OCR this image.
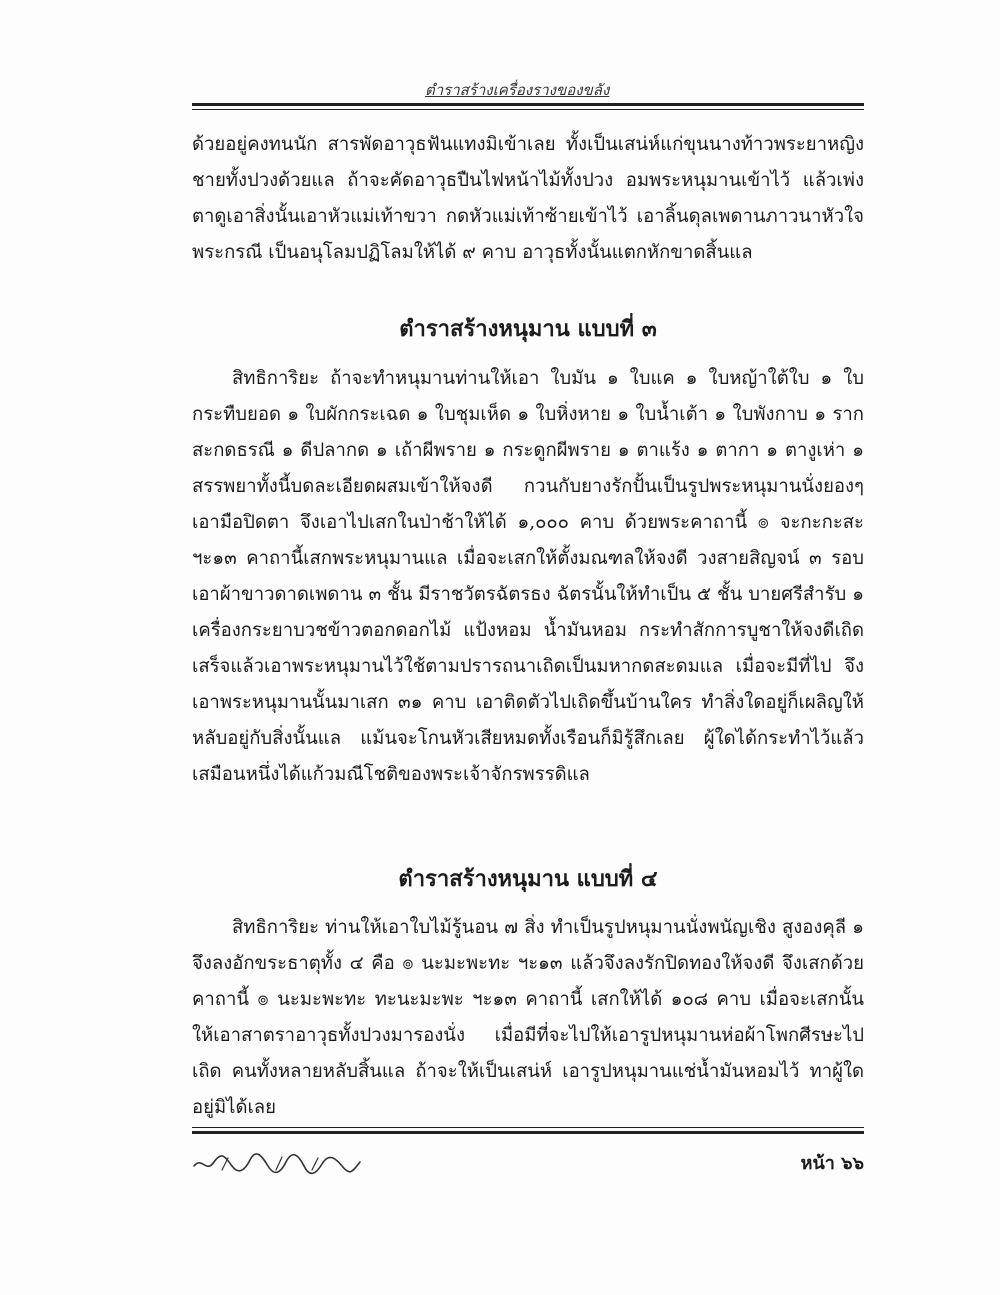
ตำราสร้างเครื่องรางของขลัง
ด้วยอยู่คงทนนัก สารพัดอาวุธฟันแทงมิเข้าเลย ทั้งเป็นเสน่ห์แก่ขุนนางท้าวพระยาหญิงชายทั้งปวงด้วยแล ถ้าจะคัดอาวุธปืนไฟหน้าไม้ทั้งปวง อมพระหนุมานเข้าไว้ แล้วเพ่งตาดูเอาสิ่งนั้นเอาหัวแม่เท้าขวา กดหัวแม่เท้าซ้ายเข้าไว้ เอาลิ้นดุลเพดานภาวนาหัวใจพระกรณี เป็นอนุโลมปฏิโลมให้ได้ ๙ คาบ อาวุธทั้งนั้นแตกหักขาดสิ้นแล
ตำราสร้างหนุมาน แบบที่ ๓
สิทธิการิยะ ถ้าจะทำหนุมานท่านให้เอา ใบมัน ๑ ใบแค ๑ ใบหญ้าใต้ใบ ๑ ใบกระทืบยอด ๑ ใบผักกระเฉด ๑ ใบชุมเห็ด ๑ ใบหิ่งหาย ๑ ใบน้ำเต้า ๑ ใบพังกาบ ๑ รากสะกดธรณี ๑ ดีปลากด ๑ เถ้าผีพราย ๑ กระดูกผีพราย ๑ ตาแร้ง ๑ ตากา ๑ ตางูเห่า ๑ สรรพยาทั้งนี้บดละเอียดผสมเข้าให้จงดี กวนกับยางรักปั้นเป็นรูปพระหนุมานนั่งยองๆ เอามือปิดตา จึงเอาไปเสกในป่าช้าให้ได้ ๑,๐๐๐ คาบ ด้วยพระคาถานี้ ๏ จะกะกะสะ ฯะ๑๓ คาถานี้เสกพระหนุมานแล เมื่อจะเสกให้ตั้งมณฑลให้จงดี วงสายสิญจน์ ๓ รอบ เอาผ้าขาวดาดเพดาน ๓ ชั้น มีราชวัตรฉัตรธง ฉัตรนั้นให้ทำเป็น ๕ ชั้น บายศรีสำรับ ๑ เครื่องกระยาบวชข้าวตอกดอกไม้ แป้งหอม น้ำมันหอม กระทำสักการบูชาให้จงดีเถิด เสร็จแล้วเอาพระหนุมานไว้ใช้ตามปรารถนาเถิดเป็นมหากดสะดมแล เมื่อจะมีที่ไป จึงเอาพระหนุมานนั้นมาเสก ๓๑ คาบ เอาติดตัวไปเถิดขึ้นบ้านใคร ทำสิ่งใดอยู่ก็เผลิญให้หลับอยู่กับสิ่งนั้นแล แม้นจะโกนหัวเสียหมดทั้งเรือนก็มิรู้สึกเลย ผู้ใดได้กระทำไว้แล้ว เสมือนหนึ่งได้แก้วมณีโชติของพระเจ้าจักรพรรดิแล
ตำราสร้างหนุมาน แบบที่ ๔
สิทธิการิยะ ท่านให้เอาใบไม้รู้นอน ๗ สิ่ง ทำเป็นรูปหนุมานนั่งพนัญเชิง สูงองคุลี ๑ จึงลงอักขระธาตุทั้ง ๔ คือ ๏ นะมะพะทะ ฯะ๑๓ แล้วจึงลงรักปิดทองให้จงดี จึงเสกด้วยคาถานี้ ๏ นะมะพะทะ ทะนะมะพะ ฯะ๑๓ คาถานี้ เสกให้ได้ ๑๐๘ คาบ เมื่อจะเสกนั้น ให้เอาสาตราอาวุธทั้งปวงมารองนั่ง เมื่อมีที่จะไปให้เอารูปหนุมานห่อผ้าโพกศีรษะไปเถิด คนทั้งหลายหลับสิ้นแล ถ้าจะให้เป็นเสน่ห์ เอารูปหนุมานแช่น้ำมันหอมไว้ ทาผู้ใดอยู่มิได้เลย
หน้า ๖๖
